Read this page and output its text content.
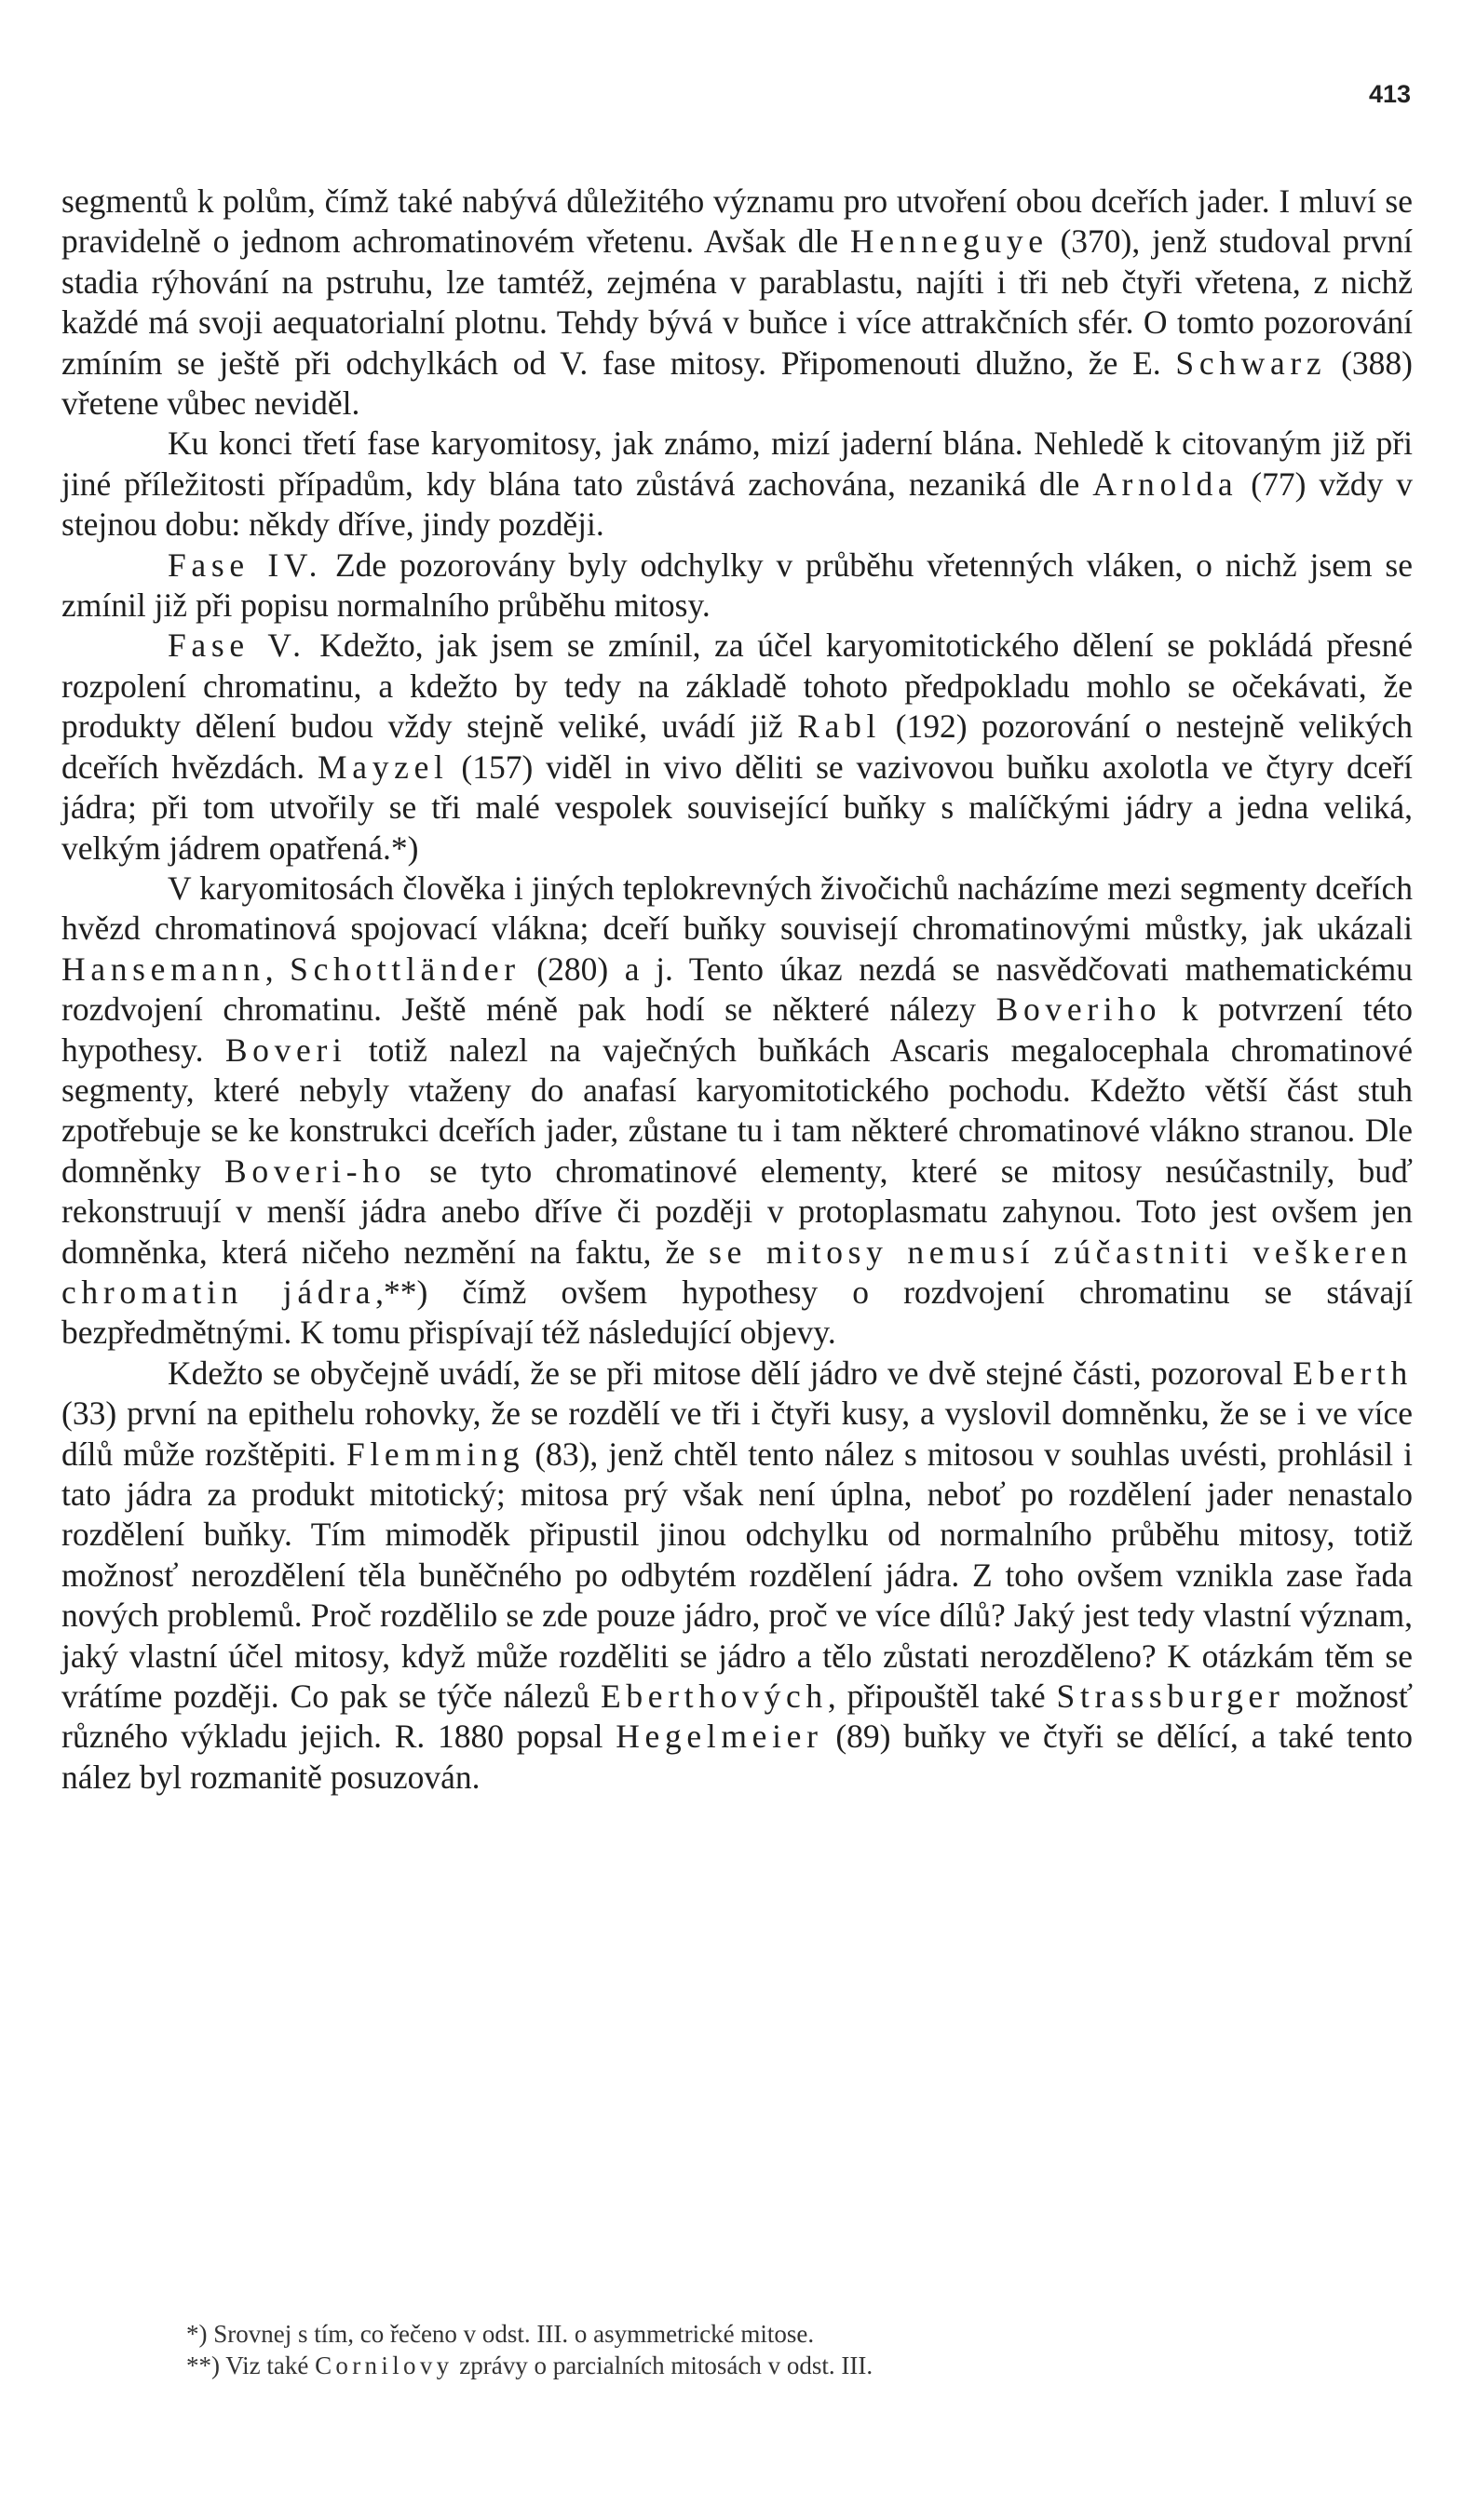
413

segmentů k polům, čímž také nabývá důležitého významu pro utvoření obou dceřích jader. I mluví se pravidelně o jednom achromatinovém vřetenu. Avšak dle Henneguye (370), jenž studoval první stadia rýhování na pstruhu, lze tamtéž, zejména v parablastu, najíti i tři neb čtyři vřetena, z nichž každé má svoji aequatorialní plotnu. Tehdy bývá v buňce i více attrakčních sfér. O tomto pozorování zmíním se ještě při odchylkách od V. fase mitosy. Připomenouti dlužno, že E. Schwarz (388) vřetene vůbec neviděl.

Ku konci třetí fase karyomitosy, jak známo, mizí jaderní blána. Nehledě k citovaným již při jiné příležitosti případům, kdy blána tato zůstává zachována, nezaniká dle Arnolda (77) vždy v stejnou dobu: někdy dříve, jindy později.

Fase IV. Zde pozorovány byly odchylky v průběhu vřetenných vláken, o nichž jsem se zmínil již při popisu normalního průběhu mitosy.

Fase V. Kdežto, jak jsem se zmínil, za účel karyomitotického dělení se pokládá přesné rozpolení chromatinu, a kdežto by tedy na základě tohoto předpokladu mohlo se očekávati, že produkty dělení budou vždy stejně veliké, uvádí již Rabl (192) pozorování o nestejně velikých dceřích hvězdách. Mayzel (157) viděl in vivo děliti se vazivovou buňku axolotla ve čtyry dceří jádra; při tom utvořily se tři malé vespolek související buňky s malíčkými jádry a jedna veliká, velkým jádrem opatřená.*)

V karyomitosách člověka i jiných teplokrevných živočichů nacházíme mezi segmenty dceřích hvězd chromatinová spojovací vlákna; dceří buňky souvisejí chromatinovými můstky, jak ukázali Hansemann, Schottländer (280) a j. Tento úkaz nezdá se nasvědčovati mathematickému rozdvojení chromatinu. Ještě méně pak hodí se některé nálezy Boveriho k potvrzení této hypothesy. Boveri totiž nalezl na vaječných buňkách Ascaris megalocephala chromatinové segmenty, které nebyly vtaženy do anafasí karyomitotického pochodu. Kdežto větší část stuh zpotřebuje se ke konstrukci dceřích jader, zůstane tu i tam některé chromatinové vlákno stranou. Dle domněnky Boveri-ho se tyto chromatinové elementy, které se mitosy nesúčastnily, buď rekonstruují v menší jádra anebo dříve či později v protoplasmatu zahynou. Toto jest ovšem jen domněnka, která ničeho nezmění na faktu, že se mitosy nemusí zúčastniti veškeren chromatin jádra,**) čímž ovšem hypothesy o rozdvojení chromatinu se stávají bezpředmětnými. K tomu přispívají též následující objevy.

Kdežto se obyčejně uvádí, že se při mitose dělí jádro ve dvě stejné části, pozoroval Eberth (33) první na epithelu rohovky, že se rozdělí ve tři i čtyři kusy, a vyslovil domněnku, že se i ve více dílů může rozštěpiti. Flemming (83), jenž chtěl tento nález s mitosou v souhlas uvésti, prohlásil i tato jádra za produkt mitotický; mitosa prý však není úplna, neboť po rozdělení jader nenastalo rozdělení buňky. Tím mimoděk připustil jinou odchylku od normalního průběhu mitosy, totiž možnosť nerozdělení těla buněčného po odbytém rozdělení jádra. Z toho ovšem vznikla zase řada nových problemů. Proč rozdělilo se zde pouze jádro, proč ve více dílů? Jaký jest tedy vlastní význam, jaký vlastní účel mitosy, když může rozděliti se jádro a tělo zůstati nerozděleno? K otázkám těm se vrátíme později. Co pak se týče nálezů Eberthových, připouštěl také Strassburger možnosť různého výkladu jejich. R. 1880 popsal Hegelmeier (89) buňky ve čtyři se dělící, a také tento nález byl rozmanitě posuzován.

*) Srovnej s tím, co řečeno v odst. III. o asymmetrické mitose.

**) Viz také Cornilovy zprávy o parcialních mitosách v odst. III.
